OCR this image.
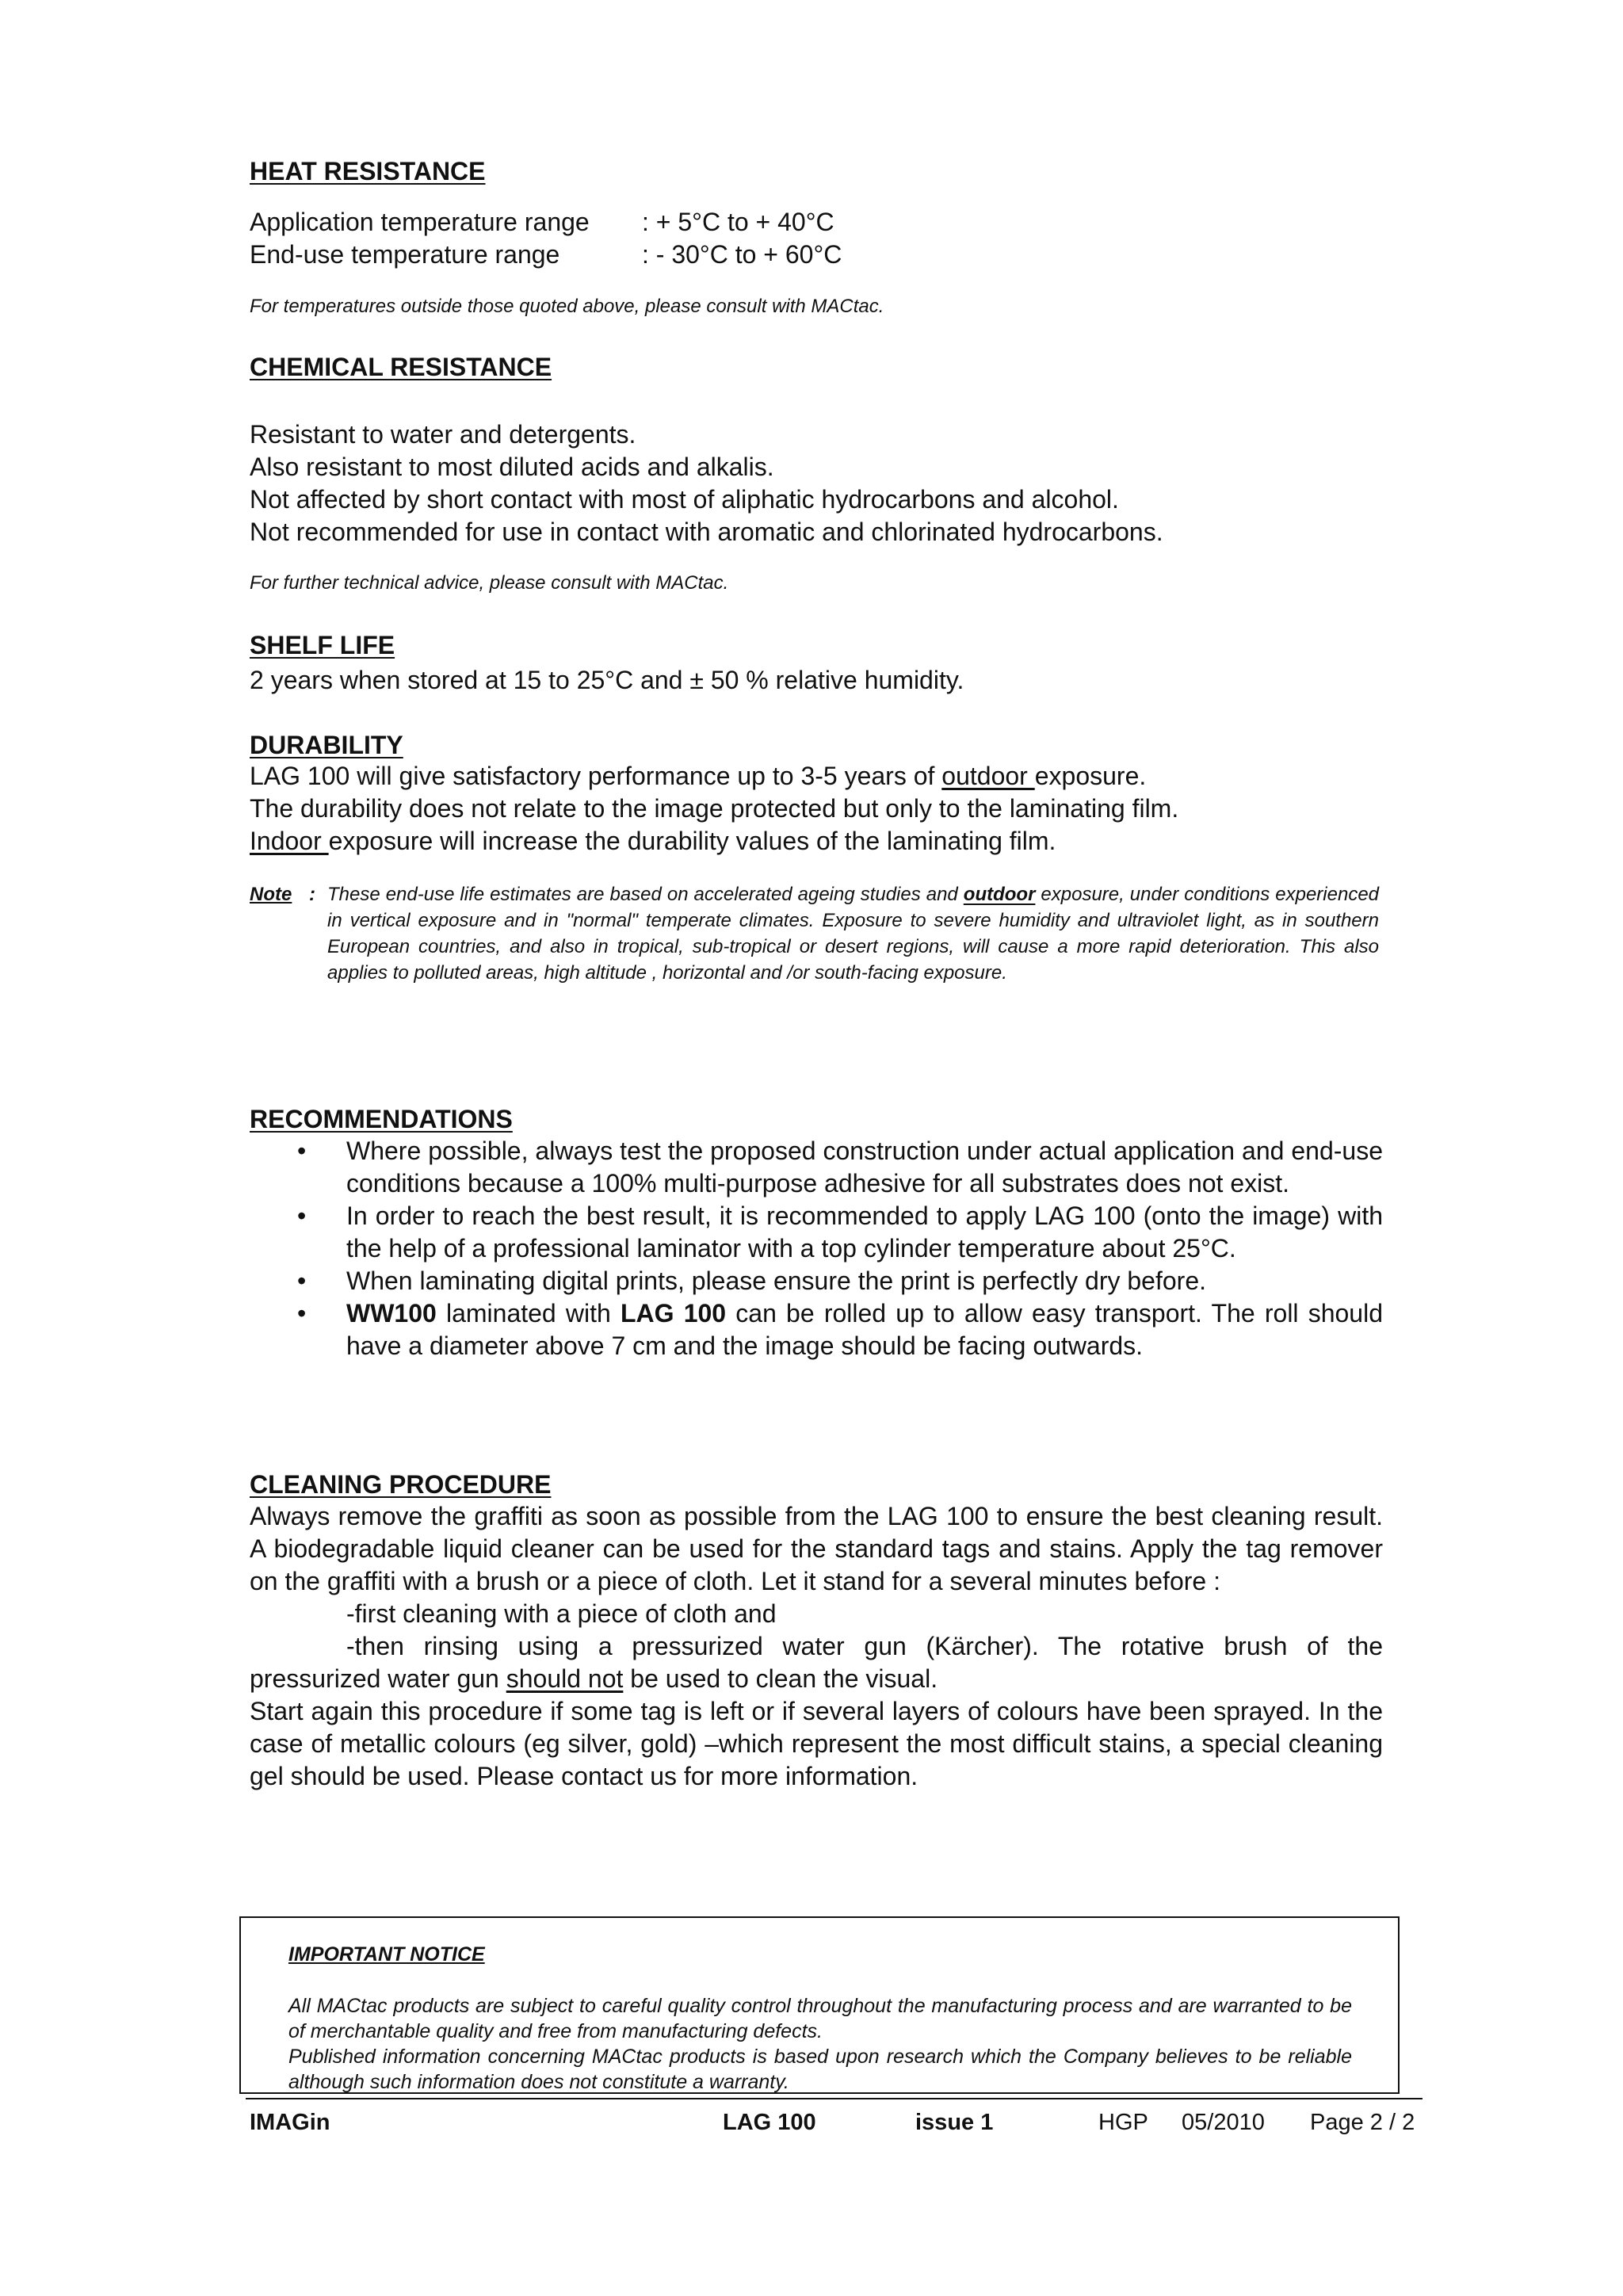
HEAT RESISTANCE
Application temperature range : + 5°C to + 40°C
End-use temperature range	: - 30°C to + 60°C

For temperatures outside those quoted above, please consult with MACtac.

CHEMICAL RESISTANCE
Resistant to water and detergents.
Also resistant to most diluted acids and alkalis.
Not affected by short contact with most of aliphatic hydrocarbons and alcohol.
Not recommended for use in contact with aromatic and chlorinated hydrocarbons.

For further technical advice, please consult with MACtac.

SHELF LIFE

2 years when stored at 15 to 25°C and ± 50 % relative humidity.

DURABILITY
LAG 100 will give satisfactory performance up to 3-5 years of outdoor exposure.
The durability does not relate to the image protected but only to the laminating film.
Indoor exposure will increase the durability values of the laminating film.
Note : These end-use life estimates are based on accelerated ageing studies and outdoor exposure, under conditions experienced in vertical exposure and in "normal" temperate climates. Exposure to severe humidity and ultraviolet light, as in southern European countries, and also in tropical, sub-tropical or desert regions, will cause a more rapid deterioration. This also applies to polluted areas, high altitude , horizontal and /or south-facing exposure.
RECOMMENDATIONS
• Where possible, always test the proposed construction under actual application and end-use conditions because a 100% multi-purpose adhesive for all substrates does not exist.
• In order to reach the best result, it is recommended to apply LAG 100 (onto the image) with the help of a professional laminator with a top cylinder temperature about 25°C.
• When laminating digital prints, please ensure the print is perfectly dry before.
• WW100 laminated with LAG 100 can be rolled up to allow easy transport. The roll should have a diameter above 7 cm and the image should be facing outwards.
CLEANING PROCEDURE
Always remove the graffiti as soon as possible from the LAG 100 to ensure the best cleaning result. A biodegradable liquid cleaner can be used for the standard tags and stains. Apply the tag remover on the graffiti with a brush or a piece of cloth. Let it stand for a several minutes before :
-first cleaning with a piece of cloth and
-then rinsing using a pressurized water gun (Kärcher). The rotative brush of the
pressurized water gun should not be used to clean the visual.
Start again this procedure if some tag is left or if several layers of colours have been sprayed. In the case of metallic colours (eg silver, gold) –which represent the most difficult stains, a special cleaning gel should be used. Please contact us for more information.
IMPORTANT NOTICE
All MACtac products are subject to careful quality control throughout the manufacturing process and are warranted to be of merchantable quality and free from manufacturing defects.
Published information concerning MACtac products is based upon research which the Company believes to be reliable although such information does not constitute a warranty.
IMAGin	LAG 100	issue 1	HGP 05/2010 Page 2 / 2
